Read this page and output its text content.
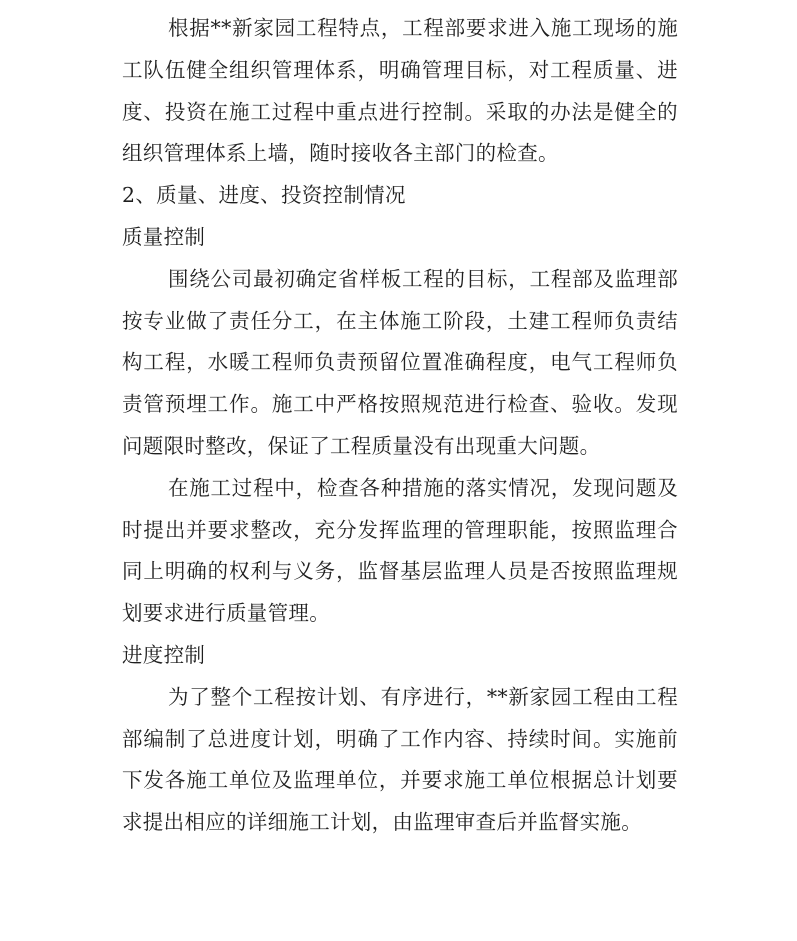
根据**新家园工程特点，工程部要求进入施工现场的施工队伍健全组织管理体系，明确管理目标，对工程质量、进度、投资在施工过程中重点进行控制。采取的办法是健全的组织管理体系上墙，随时接收各主部门的检查。

2、质量、进度、投资控制情况

质量控制

围绕公司最初确定省样板工程的目标，工程部及监理部按专业做了责任分工，在主体施工阶段，土建工程师负责结构工程，水暖工程师负责预留位置准确程度，电气工程师负责管预埋工作。施工中严格按照规范进行检查、验收。发现问题限时整改，保证了工程质量没有出现重大问题。

在施工过程中，检查各种措施的落实情况，发现问题及时提出并要求整改，充分发挥监理的管理职能，按照监理合同上明确的权利与义务，监督基层监理人员是否按照监理规划要求进行质量管理。

进度控制

为了整个工程按计划、有序进行，**新家园工程由工程部编制了总进度计划，明确了工作内容、持续时间。实施前下发各施工单位及监理单位，并要求施工单位根据总计划要求提出相应的详细施工计划，由监理审查后并监督实施。
